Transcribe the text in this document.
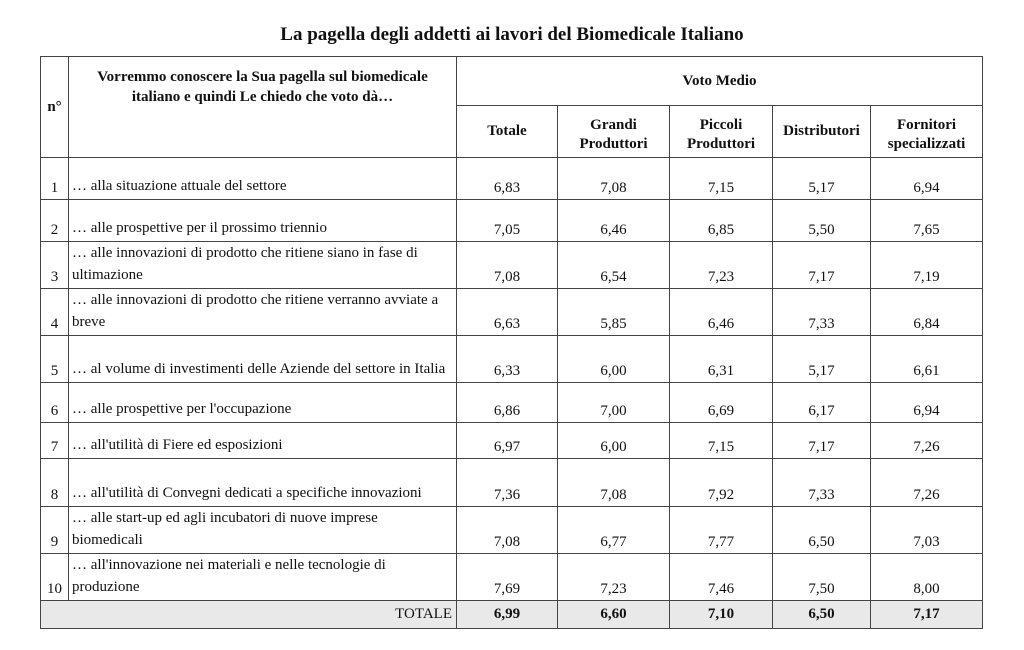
La pagella degli addetti ai lavori del Biomedicale Italiano
n°	Vorremmo conoscere la Sua pagella sul biomedicale italiano e quindi Le chiedo che voto dà…	Voto Medio				
		Totale	Grandi Produttori	Piccoli Produttori	Distributori	Fornitori specializzati
1	… alla situazione attuale del settore	6,83	7,08	7,15	5,17	6,94
2	… alle prospettive per il prossimo triennio	7,05	6,46	6,85	5,50	7,65
3	… alle innovazioni di prodotto che ritiene siano in fase di ultimazione	7,08	6,54	7,23	7,17	7,19
4	… alle innovazioni di prodotto che ritiene verranno avviate a breve	6,63	5,85	6,46	7,33	6,84
5	… al volume di investimenti delle Aziende del settore in Italia	6,33	6,00	6,31	5,17	6,61
6	… alle prospettive per l'occupazione	6,86	7,00	6,69	6,17	6,94
7	… all'utilità di Fiere ed esposizioni	6,97	6,00	7,15	7,17	7,26
8	… all'utilità di Convegni dedicati a specifiche innovazioni	7,36	7,08	7,92	7,33	7,26
9	… alle start-up ed agli incubatori di nuove imprese biomedicali	7,08	6,77	7,77	6,50	7,03
10	… all'innovazione nei materiali e nelle tecnologie di produzione	7,69	7,23	7,46	7,50	8,00
TOTALE		6,99	6,60	7,10	6,50	7,17
